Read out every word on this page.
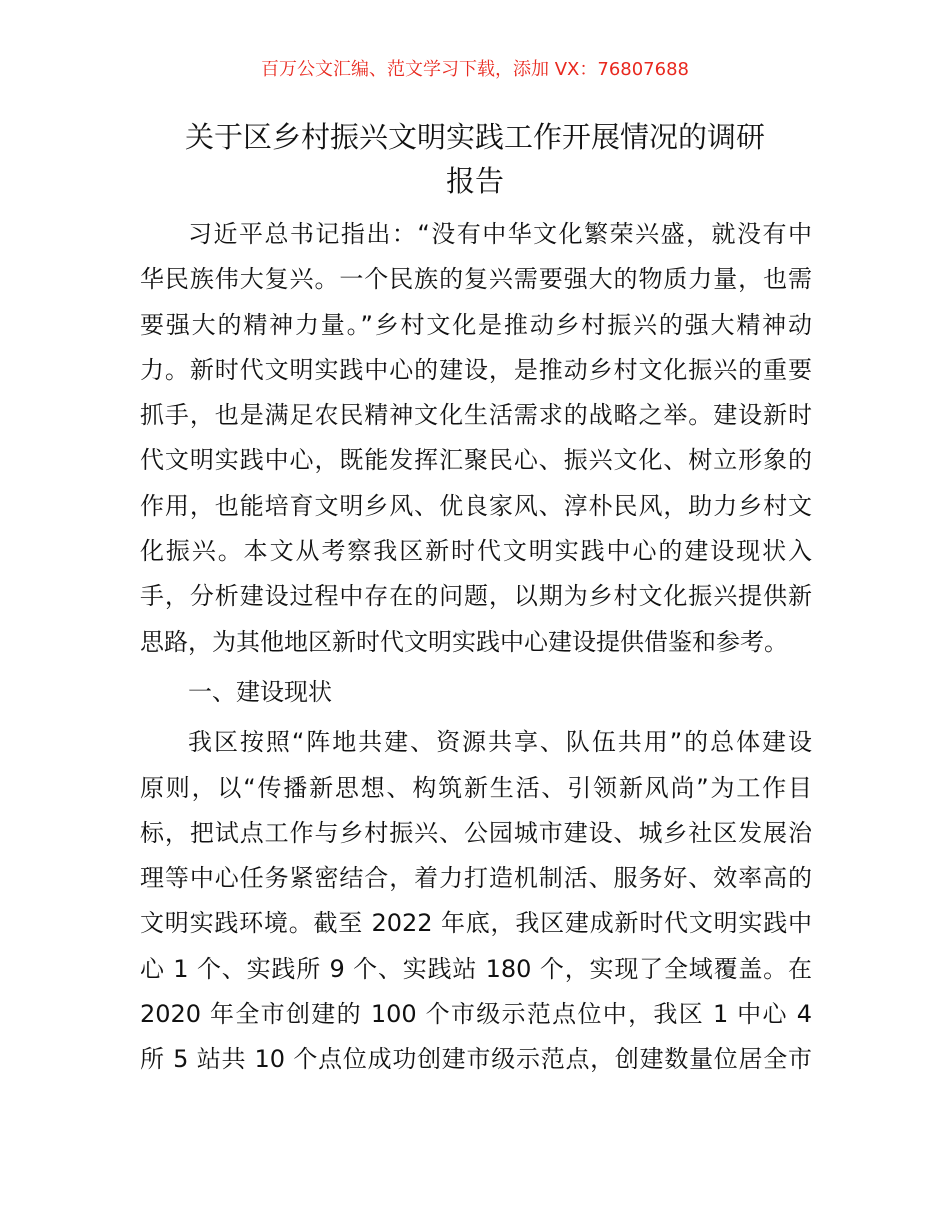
百万公文汇编、范文学习下载，添加 VX：76807688
关于区乡村振兴文明实践工作开展情况的调研
报告
习近平总书记指出：“没有中华文化繁荣兴盛，就没有中
华民族伟大复兴。一个民族的复兴需要强大的物质力量，也需
要强大的精神力量。”乡村文化是推动乡村振兴的强大精神动
力。新时代文明实践中心的建设，是推动乡村文化振兴的重要
抓手，也是满足农民精神文化生活需求的战略之举。建设新时
代文明实践中心，既能发挥汇聚民心、振兴文化、树立形象的
作用，也能培育文明乡风、优良家风、淳朴民风，助力乡村文
化振兴。本文从考察我区新时代文明实践中心的建设现状入
手，分析建设过程中存在的问题，以期为乡村文化振兴提供新
思路，为其他地区新时代文明实践中心建设提供借鉴和参考。
一、建设现状
我区按照“阵地共建、资源共享、队伍共用”的总体建设
原则，以“传播新思想、构筑新生活、引领新风尚”为工作目
标，把试点工作与乡村振兴、公园城市建设、城乡社区发展治
理等中心任务紧密结合，着力打造机制活、服务好、效率高的
文明实践环境。截至 2022 年底，我区建成新时代文明实践中
心 1 个、实践所 9 个、实践站 180 个，实现了全域覆盖。在
2020 年全市创建的 100 个市级示范点位中，我区 1 中心 4
所 5 站共 10 个点位成功创建市级示范点，创建数量位居全市
